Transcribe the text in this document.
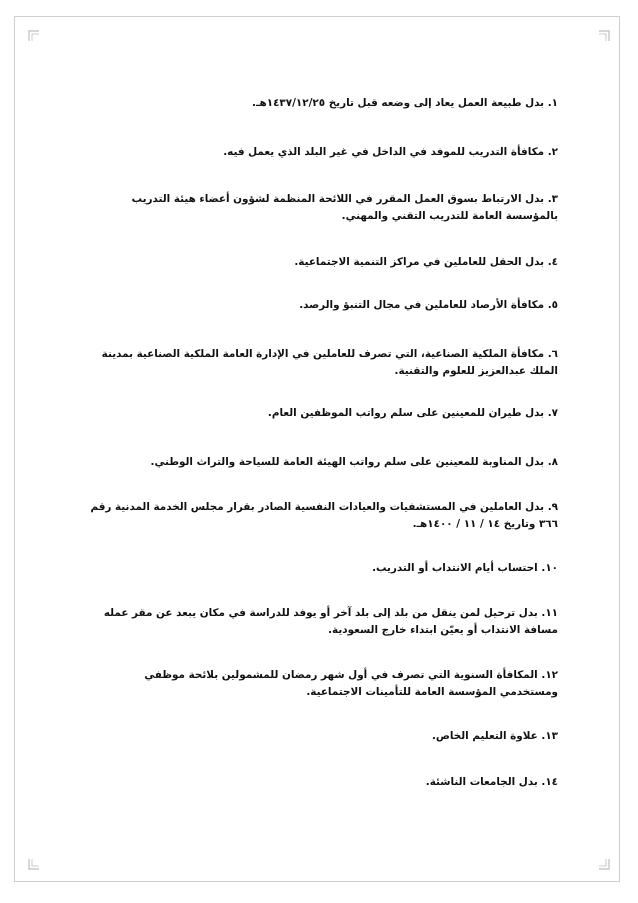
١. بدل طبيعة العمل يعاد إلى وضعه قبل تاريخ ١٤٣٧/١٢/٢٥هـ.
٢. مكافأة التدريب للموفد في الداخل في غير البلد الذي يعمل فيه.
٣. بدل الارتباط بسوق العمل المقرر في اللائحة المنظمة لشؤون أعضاء هيئة التدريب بالمؤسسة العامة للتدريب التقني والمهني.
٤. بدل الحقل للعاملين في مراكز التنمية الاجتماعية.
٥. مكافأة الأرصاد للعاملين في مجال التنبؤ والرصد.
٦. مكافأة الملكية الصناعية، التي تصرف للعاملين في الإدارة العامة الملكية الصناعية بمدينة الملك عبدالعزيز للعلوم والتقنية.
٧. بدل طيران للمعينين على سلم رواتب الموظفين العام.
٨. بدل المناوبة للمعينين على سلم رواتب الهيئة العامة للسياحة والتراث الوطني.
٩. بدل العاملين في المستشفيات والعيادات النفسية الصادر بقرار مجلس الخدمة المدنية رقم ٣٦٦ وتاريخ ١٤ / ١١ / ١٤٠٠هـ.
١٠. احتساب أيام الانتداب أو التدريب.
١١. بدل ترحيل لمن ينقل من بلد إلى بلد آخر أو يوفد للدراسة في مكان يبعد عن مقر عمله مسافة الانتداب أو يعيّن ابتداء خارج السعودية.
١٢. المكافأة السنوية التي تصرف في أول شهر رمضان للمشمولين بلائحة موظفي ومستخدمي المؤسسة العامة للتأمينات الاجتماعية.
١٣. علاوة التعليم الخاص.
١٤. بدل الجامعات الناشئة.
